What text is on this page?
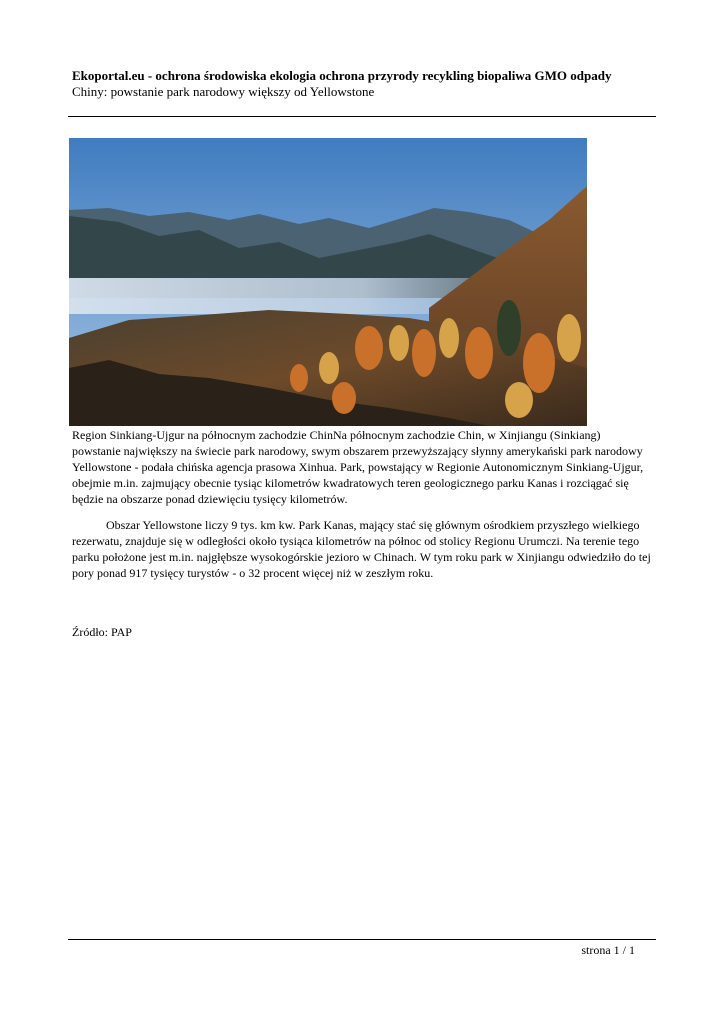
Ekoportal.eu - ochrona środowiska ekologia ochrona przyrody recykling biopaliwa GMO odpady
Chiny: powstanie park narodowy większy od Yellowstone
Region Sinkiang-Ujgur na północnym zachodzie ChinNa północnym zachodzie Chin, w Xinjiangu (Sinkiang) powstanie największy na świecie park narodowy, swym obszarem przewyższający słynny amerykański park narodowy Yellowstone - podała chińska agencja prasowa Xinhua. Park, powstający w Regionie Autonomicznym Sinkiang-Ujgur, obejmie m.in. zajmujący obecnie tysiąc kilometrów kwadratowych teren geologicznego parku Kanas i rozciągać się będzie na obszarze ponad dziewięciu tysięcy kilometrów.
Obszar Yellowstone liczy 9 tys. km kw. Park Kanas, mający stać się głównym ośrodkiem przyszłego wielkiego rezerwatu, znajduje się w odległości około tysiąca kilometrów na północ od stolicy Regionu Urumczi. Na terenie tego parku położone jest m.in. najgłębsze wysokogórskie jezioro w Chinach. W tym roku park w Xinjiangu odwiedziło do tej pory ponad 917 tysięcy turystów - o 32 procent więcej niż w zeszłym roku.
Źródło: PAP
strona 1 / 1
